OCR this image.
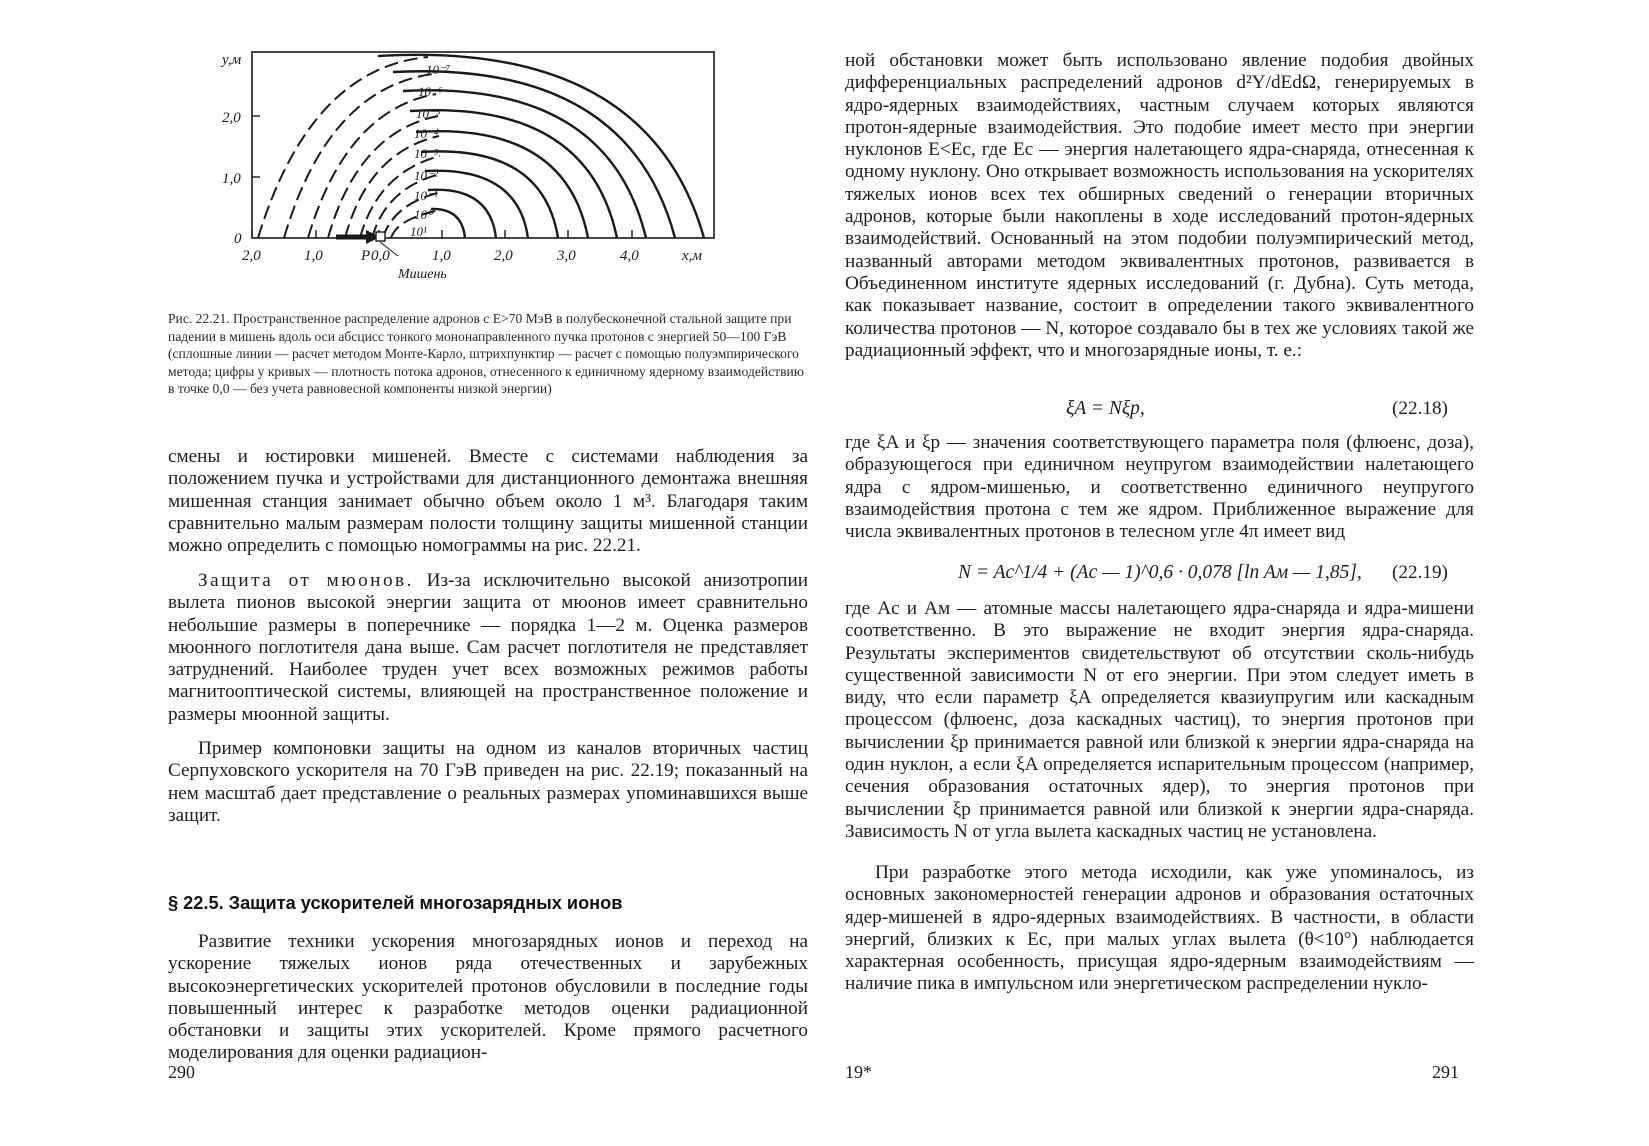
10⁻⁷
10⁻⁶
10⁻⁵
10⁻⁴
10⁻³
10⁻²
10⁻¹
10⁰
10¹
y,м
2,0
1,0
0
2,0	1,0	P 0,0	1,0	2,0	3,0	4,0	x,м
Мишень
Рис. 22.21. Пространственное распределение адронов с E>70 МэВ в полубесконечной стальной защите при падении в мишень вдоль оси абсцисс тонкого мононаправленного пучка протонов с энергией 50—100 ГэВ (сплошные линии — расчет методом Монте-Карло, штрихпунктир — расчет с помощью полуэмпирического метода; цифры у кривых — плотность потока адронов, отнесенного к единичному ядерному взаимодействию в точке 0,0 — без учета равновесной компоненты низкой энергии)

смены и юстировки мишеней. Вместе с системами наблюдения за положением пучка и устройствами для дистанционного демонтажа внешняя мишенная станция занимает обычно объем около 1 м³. Благодаря таким сравнительно малым размерам полости толщину защиты мишенной станции можно определить с помощью номограммы на рис. 22.21.

Защита от мюонов. Из-за исключительно высокой анизотропии вылета пионов высокой энергии защита от мюонов имеет сравнительно небольшие размеры в поперечнике — порядка 1—2 м. Оценка размеров мюонного поглотителя дана выше. Сам расчет поглотителя не представляет затруднений. Наиболее труден учет всех возможных режимов работы магнитооптической системы, влияющей на пространственное положение и размеры мюонной защиты.

Пример компоновки защиты на одном из каналов вторичных частиц Серпуховского ускорителя на 70 ГэВ приведен на рис. 22.19; показанный на нем масштаб дает представление о реальных размерах упоминавшихся выше защит.

§ 22.5. Защита ускорителей многозарядных ионов

Развитие техники ускорения многозарядных ионов и переход на ускорение тяжелых ионов ряда отечественных и зарубежных высокоэнергетических ускорителей протонов обусловили в последние годы повышенный интерес к разработке методов оценки радиационной обстановки и защиты этих ускорителей. Кроме прямого расчетного моделирования для оценки радиацион-

290

ной обстановки может быть использовано явление подобия двойных дифференциальных распределений адронов d²Y/dEdΩ, генерируемых в ядро-ядерных взаимодействиях, частным случаем которых являются протон-ядерные взаимодействия. Это подобие имеет место при энергии нуклонов E<Ec, где Ec — энергия налетающего ядра-снаряда, отнесенная к одному нуклону. Оно открывает возможность использования на ускорителях тяжелых ионов всех тех обширных сведений о генерации вторичных адронов, которые были накоплены в ходе исследований протон-ядерных взаимодействий. Основанный на этом подобии полуэмпирический метод, названный авторами методом эквивалентных протонов, развивается в Объединенном институте ядерных исследований (г. Дубна). Суть метода, как показывает название, состоит в определении такого эквивалентного количества протонов — N, которое создавало бы в тех же условиях такой же радиационный эффект, что и многозарядные ионы, т. е.:

ξA = Nξp,	(22.18)

где ξA и ξp — значения соответствующего параметра поля (флюенс, доза), образующегося при единичном неупругом взаимодействии налетающего ядра с ядром-мишенью, и соответственно единичного неупругого взаимодействия протона с тем же ядром. Приближенное выражение для числа эквивалентных протонов в телесном угле 4π имеет вид

N = Ac^1/4 + (Ac — 1)^0,6 · 0,078 [ln Aм — 1,85], (22.19)

где Ac и Aм — атомные массы налетающего ядра-снаряда и ядра-мишени соответственно. В это выражение не входит энергия ядра-снаряда. Результаты экспериментов свидетельствуют об отсутствии сколь-нибудь существенной зависимости N от его энергии. При этом следует иметь в виду, что если параметр ξA определяется квазиупругим или каскадным процессом (флюенс, доза каскадных частиц), то энергия протонов при вычислении ξp принимается равной или близкой к энергии ядра-снаряда на один нуклон, а если ξA определяется испарительным процессом (например, сечения образования остаточных ядер), то энергия протонов при вычислении ξp принимается равной или близкой к энергии ядра-снаряда. Зависимость N от угла вылета каскадных частиц не установлена.

При разработке этого метода исходили, как уже упоминалось, из основных закономерностей генерации адронов и образования остаточных ядер-мишеней в ядро-ядерных взаимодействиях. В частности, в области энергий, близких к Ec, при малых углах вылета (θ<10°) наблюдается характерная особенность, присущая ядро-ядерным взаимодействиям — наличие пика в импульсном или энергетическом распределении нукло-

19*	291
